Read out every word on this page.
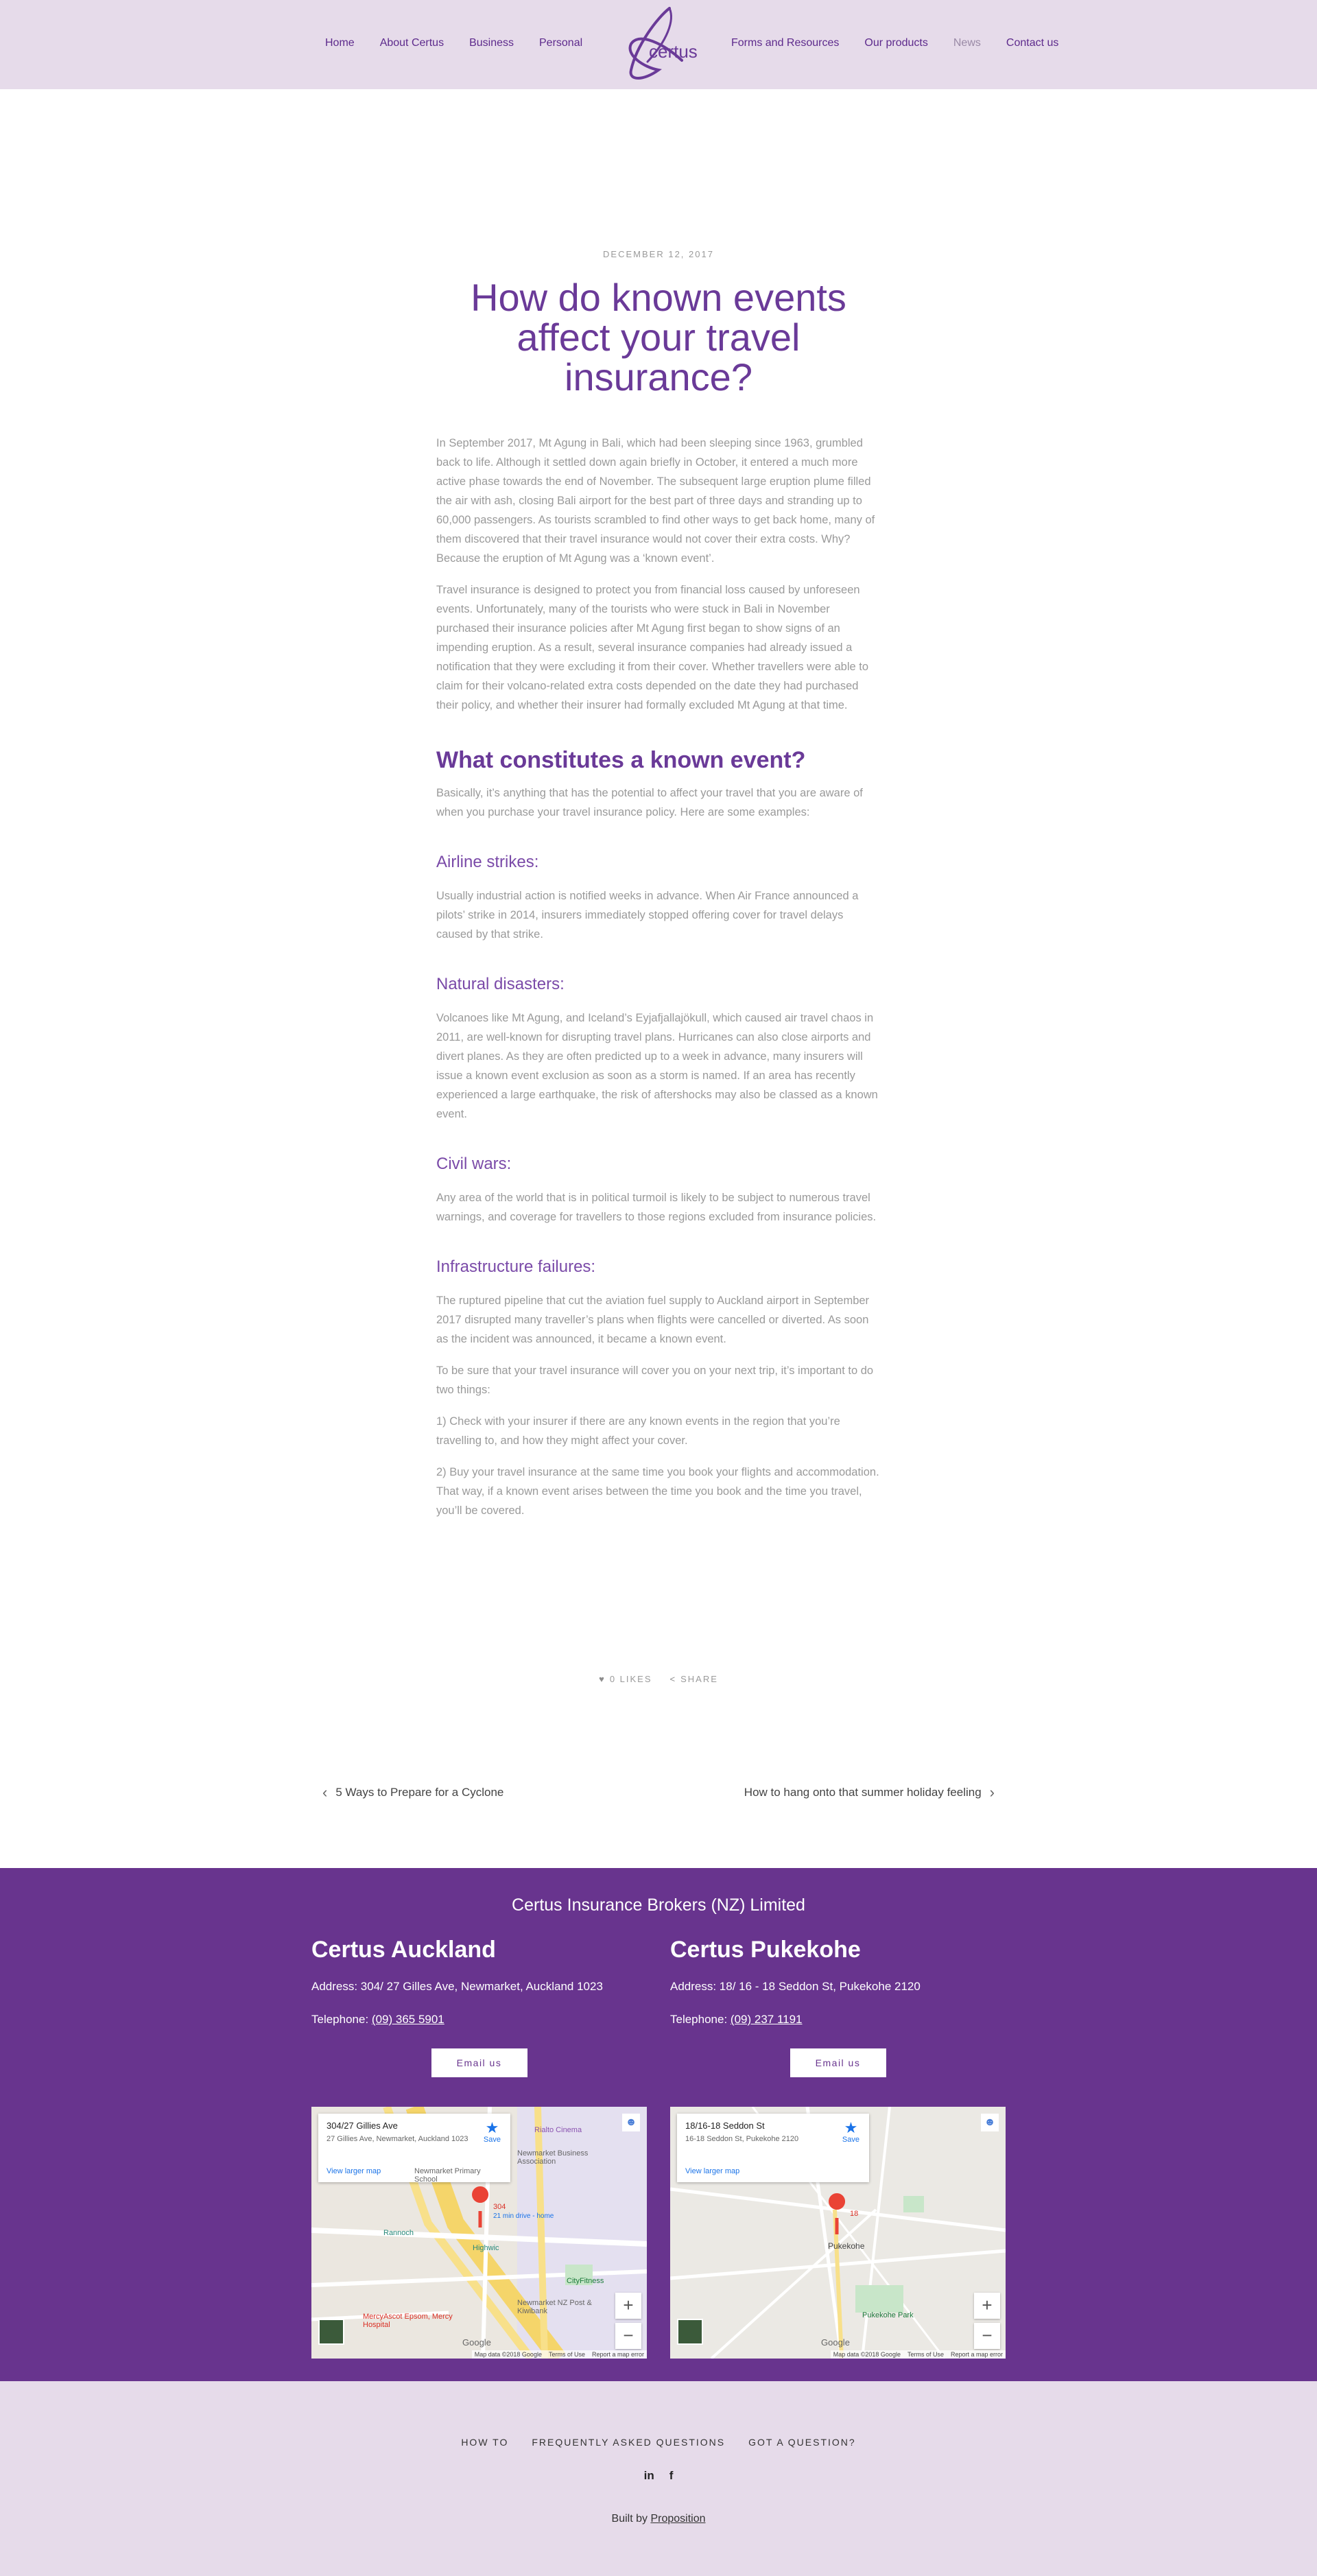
Home About Certus Business Personal	certus	Forms and Resources Our products News Contact us
DECEMBER 12, 2017
How do known events affect your travel insurance?

In September 2017, Mt Agung in Bali, which had been sleeping since 1963, grumbled back to life. Although it settled down again briefly in October, it entered a much more active phase towards the end of November. The subsequent large eruption plume filled the air with ash, closing Bali airport for the best part of three days and stranding up to 60,000 passengers. As tourists scrambled to find other ways to get back home, many of them discovered that their travel insurance would not cover their extra costs. Why? Because the eruption of Mt Agung was a ‘known event’.

Travel insurance is designed to protect you from financial loss caused by unforeseen events. Unfortunately, many of the tourists who were stuck in Bali in November purchased their insurance policies after Mt Agung first began to show signs of an impending eruption. As a result, several insurance companies had already issued a notification that they were excluding it from their cover. Whether travellers were able to claim for their volcano-related extra costs depended on the date they had purchased their policy, and whether their insurer had formally excluded Mt Agung at that time.

What constitutes a known event?

Basically, it’s anything that has the potential to affect your travel that you are aware of when you purchase your travel insurance policy. Here are some examples:

Airline strikes:

Usually industrial action is notified weeks in advance. When Air France announced a pilots’ strike in 2014, insurers immediately stopped offering cover for travel delays caused by that strike.

Natural disasters:

Volcanoes like Mt Agung, and Iceland’s Eyjafjallajökull, which caused air travel chaos in 2011, are well-known for disrupting travel plans. Hurricanes can also close airports and divert planes. As they are often predicted up to a week in advance, many insurers will issue a known event exclusion as soon as a storm is named. If an area has recently experienced a large earthquake, the risk of aftershocks may also be classed as a known event.

Civil wars:

Any area of the world that is in political turmoil is likely to be subject to numerous travel warnings, and coverage for travellers to those regions excluded from insurance policies.

Infrastructure failures:

The ruptured pipeline that cut the aviation fuel supply to Auckland airport in September 2017 disrupted many traveller’s plans when flights were cancelled or diverted. As soon as the incident was announced, it became a known event.

To be sure that your travel insurance will cover you on your next trip, it’s important to do two things:

1) Check with your insurer if there are any known events in the region that you’re travelling to, and how they might affect your cover.

2) Buy your travel insurance at the same time you book your flights and accommodation. That way, if a known event arises between the time you book and the time you travel, you’ll be covered.

♥ 0 LIKES < SHARE
‹ 5 Ways to Prepare for a Cyclone	How to hang onto that summer holiday feeling ›
Certus Insurance Brokers (NZ) Limited
Certus Auckland
Address: 304/ 27 Gilles Ave, Newmarket, Auckland 1023
Telephone: (09) 365 5901
Email us
Certus Pukekohe
Address: 18/ 16 - 18 Seddon St, Pukekohe 2120
Telephone: (09) 237 1191
Email us
☻
304/27 Gillies Ave
27 Gillies Ave, Newmarket, Auckland 1023
View larger map
★
Save
304
21 min drive - home
Rialto Cinema
Newmarket Business Association
Newmarket Primary School
Rannoch
Highwic
CityFitness
Newmarket NZ Post & Kiwibank
MercyAscot Epsom, Mercy Hospital
+
−
Google
Map data ©2018 Google Terms of Use Report a map error
☻
18/16-18 Seddon St
16-18 Seddon St, Pukekohe 2120
View larger map
★
Save
18
Pukekohe
Pukekohe Park	+
−
Google
Map data ©2018 Google Terms of Use Report a map error
HOW TO FREQUENTLY ASKED QUESTIONS GOT A QUESTION?
in f
Built by Proposition
